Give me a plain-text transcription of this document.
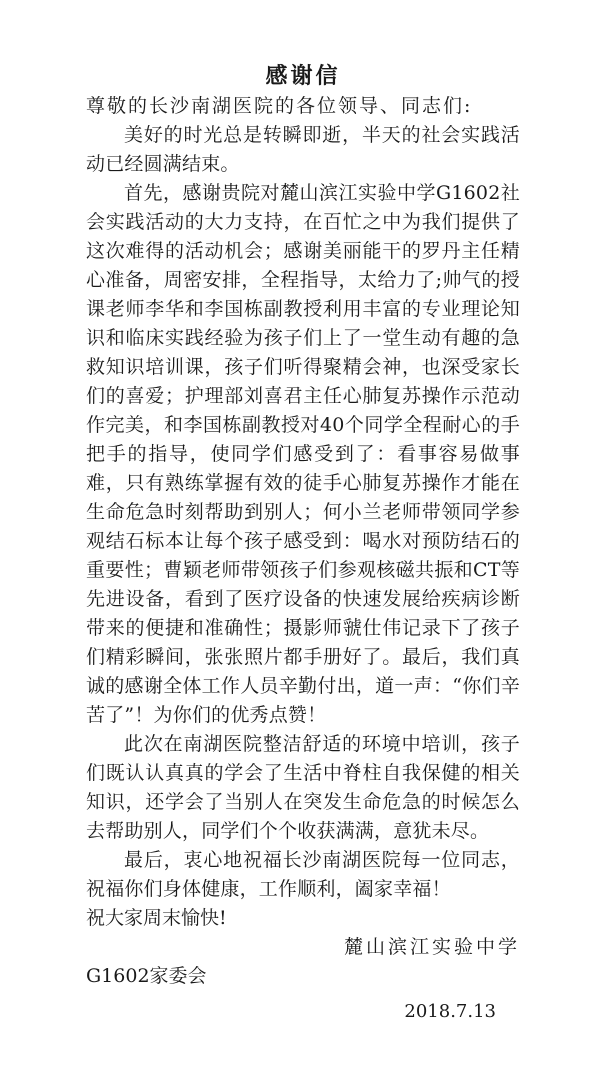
感谢信

尊敬的长沙南湖医院的各位领导、同志们:

美好的时光总是转瞬即逝，半天的社会实践活动已经圆满结束。

首先，感谢贵院对麓山滨江实验中学G1602社会实践活动的大力支持，在百忙之中为我们提供了这次难得的活动机会；感谢美丽能干的罗丹主任精心准备，周密安排，全程指导，太给力了;帅气的授课老师李华和李国栋副教授利用丰富的专业理论知识和临床实践经验为孩子们上了一堂生动有趣的急救知识培训课，孩子们听得聚精会神，也深受家长们的喜爱；护理部刘喜君主任心肺复苏操作示范动作完美，和李国栋副教授对40个同学全程耐心的手把手的指导，使同学们感受到了：看事容易做事难，只有熟练掌握有效的徒手心肺复苏操作才能在生命危急时刻帮助到别人；何小兰老师带领同学参观结石标本让每个孩子感受到：喝水对预防结石的重要性；曹颖老师带领孩子们参观核磁共振和CT等先进设备，看到了医疗设备的快速发展给疾病诊断带来的便捷和准确性；摄影师虢仕伟记录下了孩子们精彩瞬间，张张照片都手册好了。最后，我们真诚的感谢全体工作人员辛勤付出，道一声：“你们辛苦了”！为你们的优秀点赞！

此次在南湖医院整洁舒适的环境中培训，孩子们既认认真真的学会了生活中脊柱自我保健的相关知识，还学会了当别人在突发生命危急的时候怎么去帮助别人，同学们个个收获满满，意犹未尽。

最后，衷心地祝福长沙南湖医院每一位同志，祝福你们身体健康，工作顺利，阖家幸福！

祝大家周末愉快!

麓山滨江实验中学

G1602家委会

2018.7.13
